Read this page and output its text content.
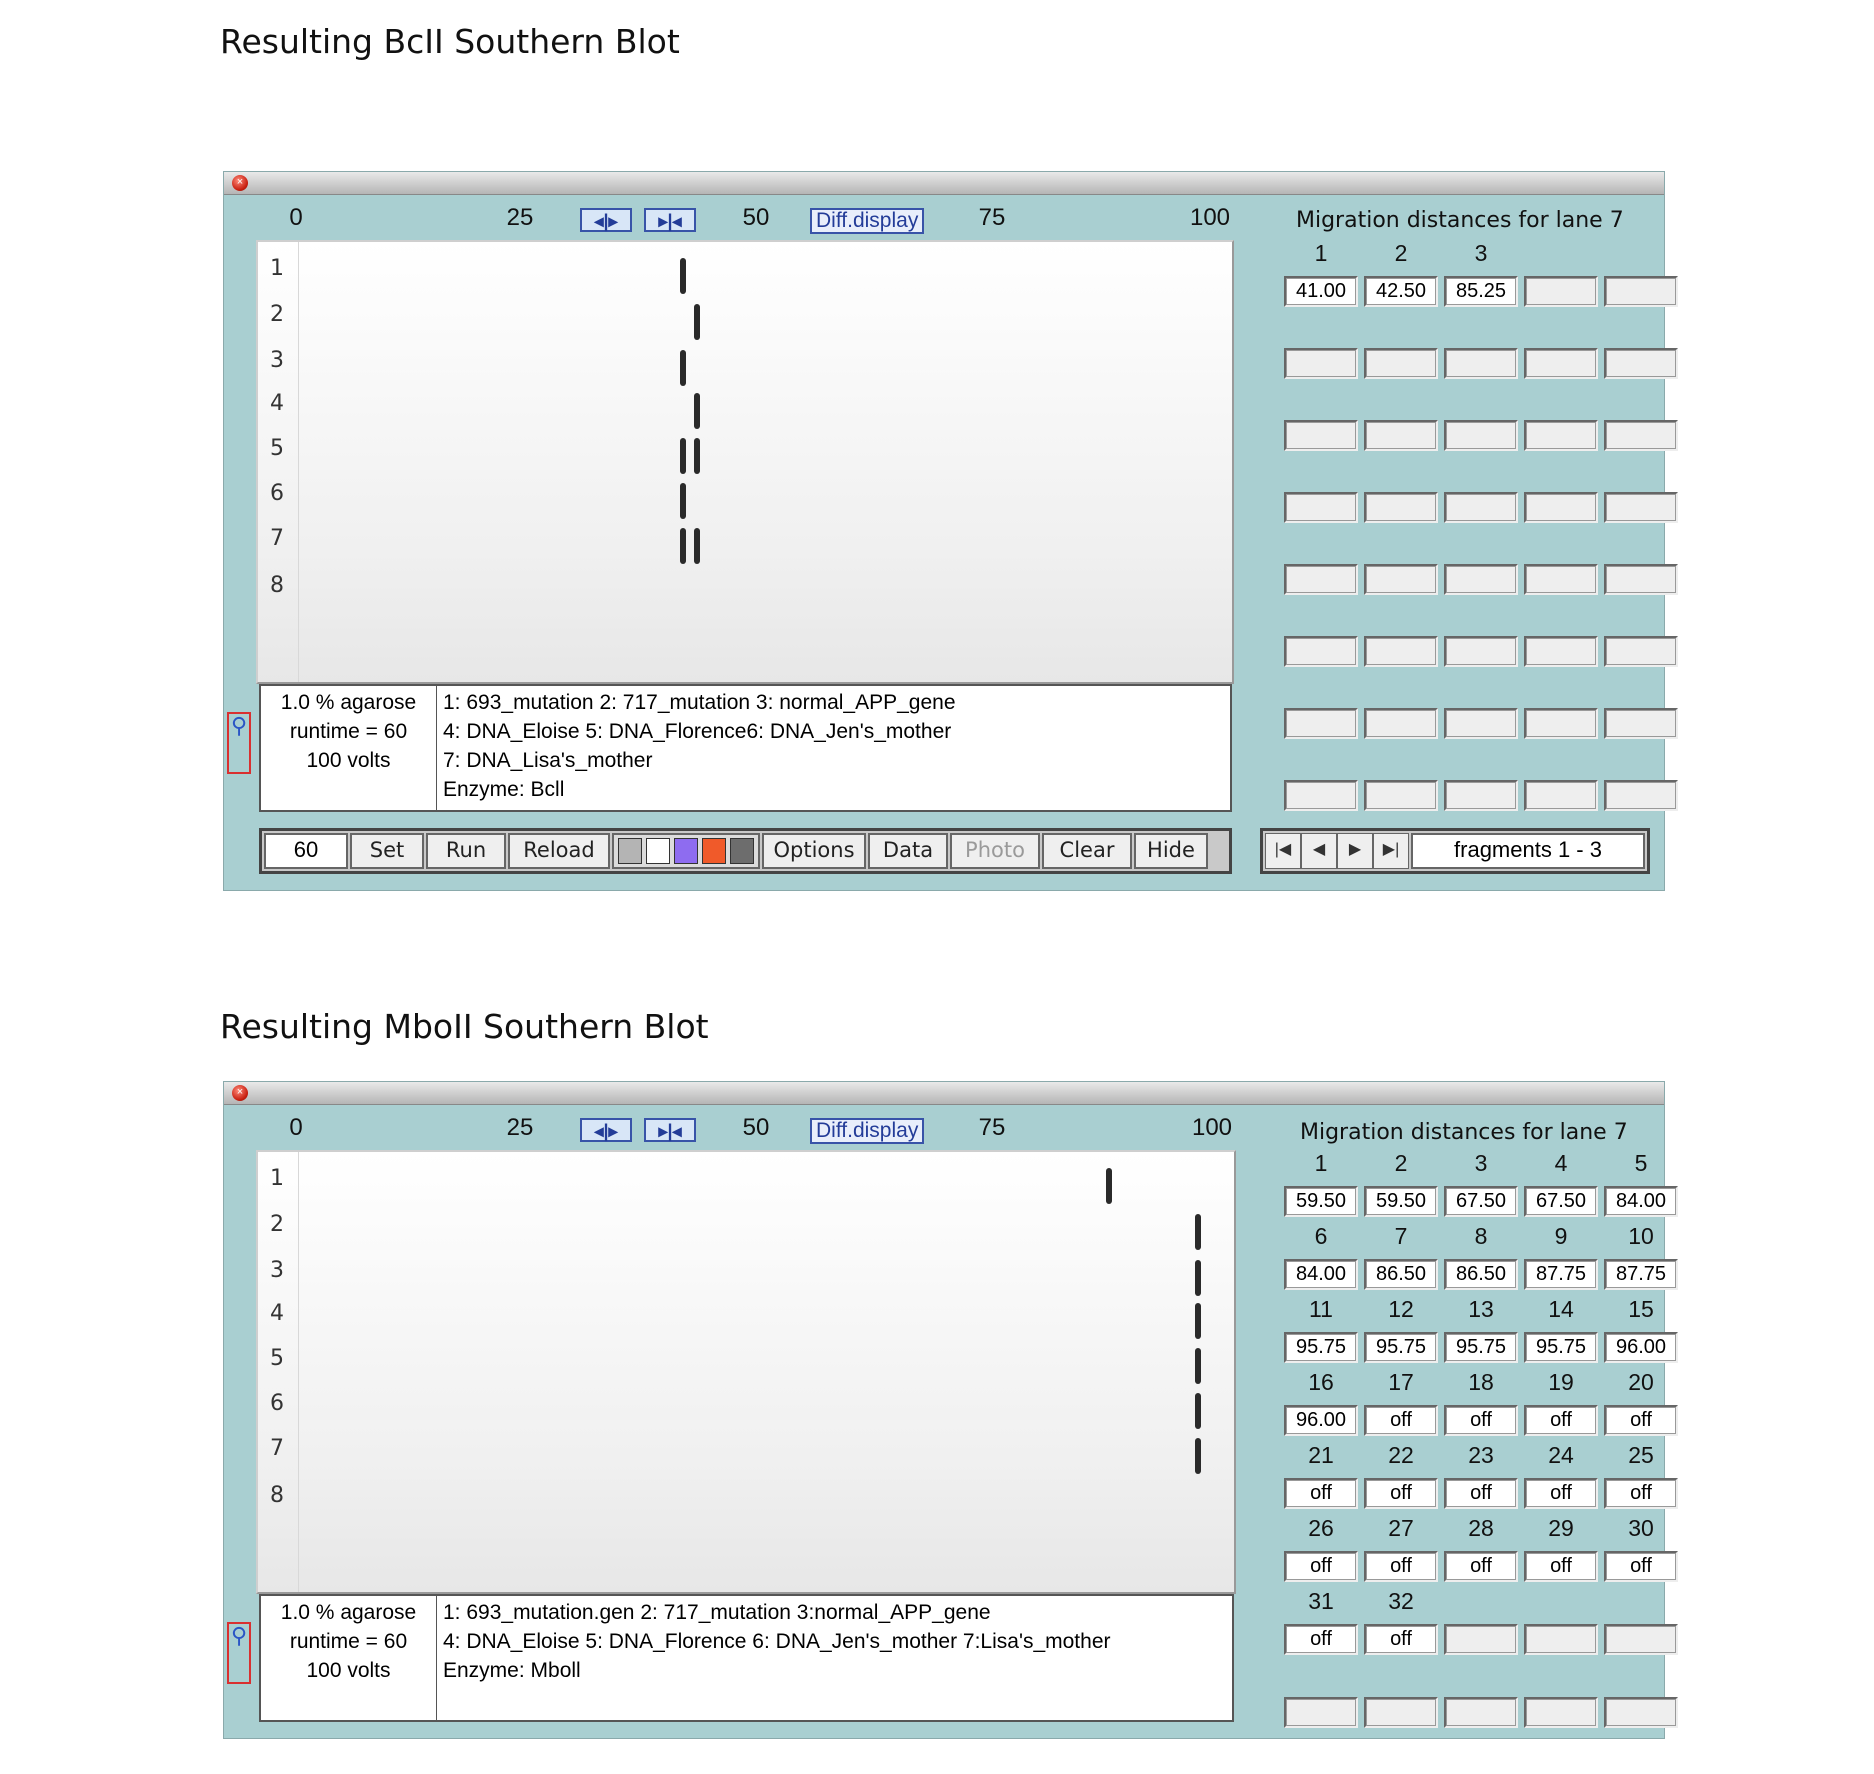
Resulting BcII Southern Blot
×
0	25	50	75	100
◂|▸	▸|◂	Diff.display
1
2
3
4
5
6
7
8
⚲
1.0 % agarose
runtime = 60
100 volts
1: 693_mutation 2: 717_mutation 3: normal_APP_gene
4: DNA_Eloise 5: DNA_Florence6: DNA_Jen's_mother
7: DNA_Lisa's_mother
Enzyme: Bcll
60	Set	Run	Reload	Options	Data	Photo	Clear	Hide
Migration distances for lane 7
1	2	3
41.00	42.50	85.25
|◀	◀	▶	▶|	fragments 1 - 3
Resulting MboII Southern Blot
×
0	25	50	75	100
◂|▸	▸|◂	Diff.display
1
2
3
4
5
6
7
8
⚲
1.0 % agarose
runtime = 60
100 volts
1: 693_mutation.gen 2: 717_mutation 3:normal_APP_gene
4: DNA_Eloise 5: DNA_Florence 6: DNA_Jen's_mother 7:Lisa's_mother
Enzyme: Mboll
Migration distances for lane 7
1	2	3	4	5
59.50	59.50	67.50	67.50	84.00
6	7	8	9	10
84.00	86.50	86.50	87.75	87.75
11 12 13 14 15
95.75	95.75	95.75	95.75	96.00
16 17 18 19 20
96.00	off	off	off	off
21 22 23 24 25
off	off	off	off	off
26 27 28 29 30
off	off	off	off	off
31 32
off	off
